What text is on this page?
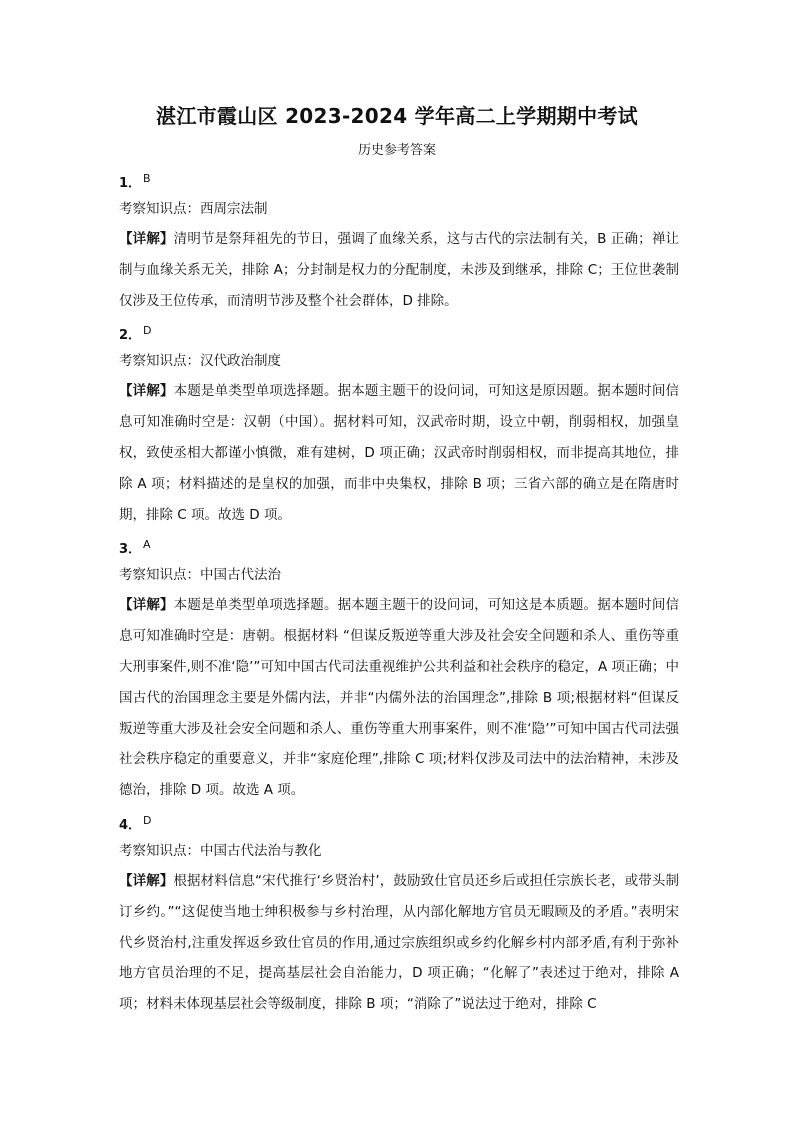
湛江市霞山区 2023-2024 学年高二上学期期中考试
历史参考答案
1． $^B$
考察知识点：西周宗法制
【详解】清明节是祭拜祖先的节日，强调了血缘关系，这与古代的宗法制有关，B 正确；禅让制与血缘关系无关，排除 A；分封制是权力的分配制度，未涉及到继承，排除 C；王位世袭制仅涉及王位传承，而清明节涉及整个社会群体，D 排除。
2． $^D$
考察知识点：汉代政治制度
【详解】本题是单类型单项选择题。据本题主题干的设问词，可知这是原因题。据本题时间信息可知准确时空是：汉朝（中国）。据材料可知，汉武帝时期，设立中朝，削弱相权，加强皇权，致使丞相大都谨小慎微，难有建树，D 项正确；汉武帝时削弱相权，而非提高其地位，排除 A 项；材料描述的是皇权的加强，而非中央集权，排除 B 项；三省六部的确立是在隋唐时期，排除 C 项。故选 D 项。
3． $^A$
考察知识点：中国古代法治
【详解】本题是单类型单项选择题。据本题主题干的设问词，可知这是本质题。据本题时间信息可知准确时空是：唐朝。根据材料 “但谋反叛逆等重大涉及社会安全问题和杀人、重伤等重大刑事案件,则不准‘隐’”可知中国古代司法重视维护公共利益和社会秩序的稳定，A 项正确；中国古代的治国理念主要是外儒内法，并非“内儒外法的治国理念”,排除 B 项;根据材料“但谋反叛逆等重大涉及社会安全问题和杀人、重伤等重大刑事案件，则不准‘隐’”可知中国古代司法强社会秩序稳定的重要意义，并非“家庭伦理”,排除 C 项;材料仅涉及司法中的法治精神，未涉及德治，排除 D 项。故选 A 项。
4． $^D$
考察知识点：中国古代法治与教化
【详解】根据材料信息“宋代推行‘乡贤治村’，鼓励致仕官员还乡后或担任宗族长老，或带头制订乡约。”“这促使当地士绅积极参与乡村治理，从内部化解地方官员无暇顾及的矛盾。”表明宋代乡贤治村,注重发挥返乡致仕官员的作用,通过宗族组织或乡约化解乡村内部矛盾,有利于弥补地方官员治理的不足，提高基层社会自治能力，D 项正确；“化解了”表述过于绝对，排除 A 项；材料未体现基层社会等级制度，排除 B 项；“消除了”说法过于绝对，排除 C
